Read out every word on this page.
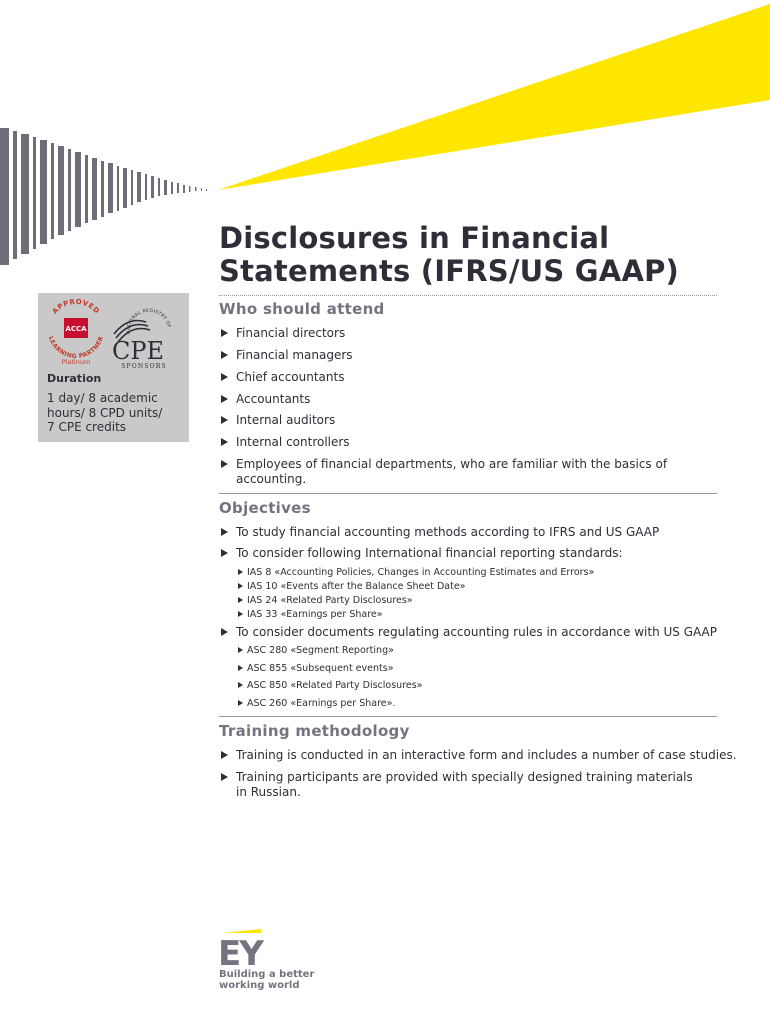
Disclosures in Financial
Statements (IFRS/US GAAP)
APPROVED
LEARNING PARTNER
ACCA
Platinum
NATIONAL REGISTRY OF
CPE
SPONSORS
Duration
1 day/ 8 academic
hours/ 8 CPD units/
7 CPE credits
Who should attend
Financial directors
Financial managers
Chief accountants
Accountants
Internal auditors
Internal controllers
Employees of financial departments, who are familiar with the basics of
accounting.
Objectives
To study financial accounting methods according to IFRS and US GAAP
To consider following International financial reporting standards:
IAS 8 «Accounting Policies, Changes in Accounting Estimates and Errors»
IAS 10 «Events after the Balance Sheet Date»
IAS 24 «Related Party Disclosures»
IAS 33 «Earnings per Share»
To consider documents regulating accounting rules in accordance with US GAAP
ASC 280 «Segment Reporting»
ASC 855 «Subsequent events»
ASC 850 «Related Party Disclosures»
ASC 260 «Earnings per Share».
Training methodology
Training is conducted in an interactive form and includes a number of case studies.
Training participants are provided with specially designed training materials
in Russian.
EY
Building a better
working world
